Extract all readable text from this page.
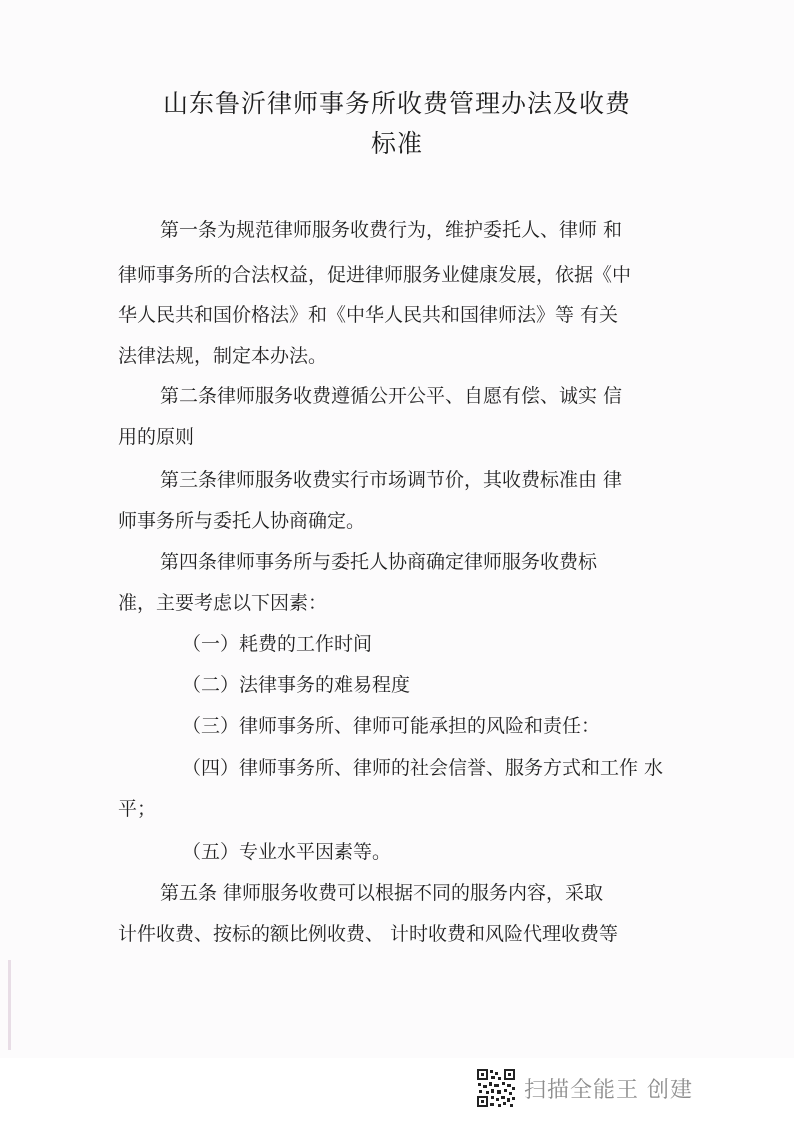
山东鲁沂律师事务所收费管理办法及收费
标准
第一条为规范律师服务收费行为，维护委托人、律师 和
律师事务所的合法权益，促进律师服务业健康发展，依据《中
华人民共和国价格法》和《中华人民共和国律师法》等 有关
法律法规，制定本办法。
第二条律师服务收费遵循公开公平、自愿有偿、诚实 信
用的原则
第三条律师服务收费实行市场调节价，其收费标准由 律
师事务所与委托人协商确定。
第四条律师事务所与委托人协商确定律师服务收费标
准，主要考虑以下因素：
（一）耗费的工作时间
（二）法律事务的难易程度
（三）律师事务所、律师可能承担的风险和责任：
（四）律师事务所、律师的社会信誉、服务方式和工作 水
平；
（五）专业水平因素等。
第五条 律师服务收费可以根据不同的服务内容，采取
计件收费、按标的额比例收费、 计时收费和风险代理收费等
扫描全能王 创建
